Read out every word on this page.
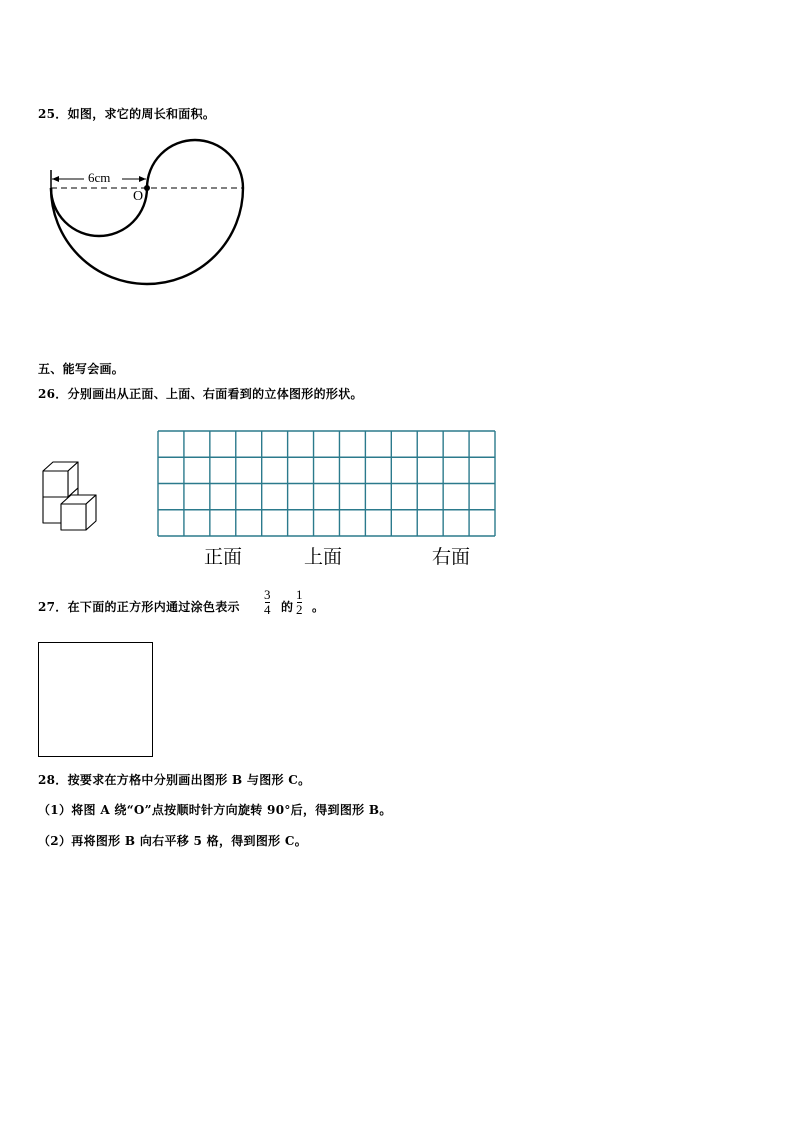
25．如图，求它的周长和面积。
6cm
O
五、能写会画。
26．分别画出从正面、上面、右面看到的立体图形的形状。
正面	上面	右面
27．在下面的正方形内通过涂色表示
3
4 的
1
2 。
28．按要求在方格中分别画出图形 B 与图形 C。
（1）将图 A 绕“O”点按顺时针方向旋转 90°后，得到图形 B。
（2）再将图形 B 向右平移 5 格，得到图形 C。
